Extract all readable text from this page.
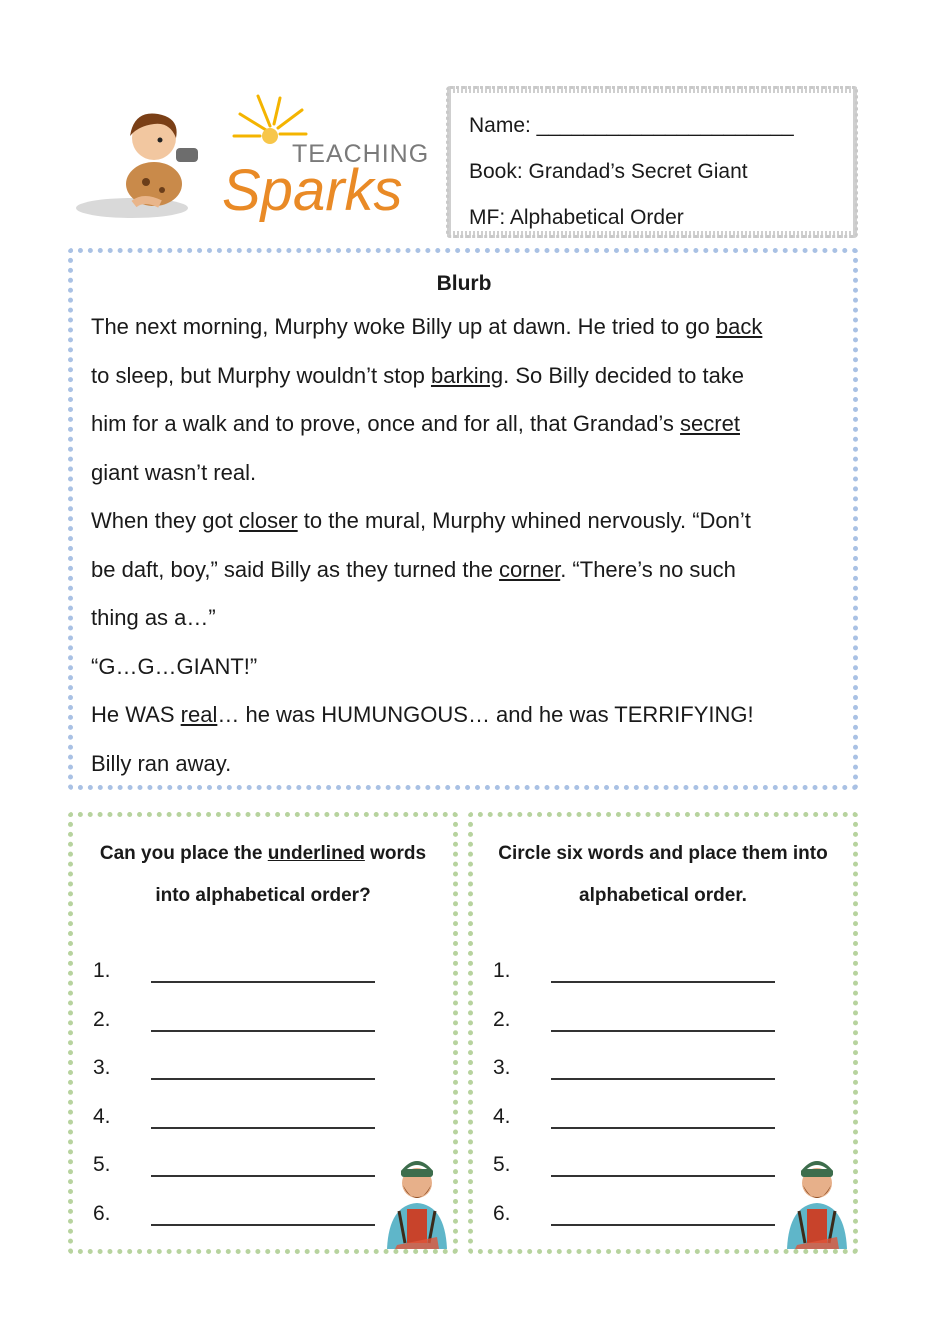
TEACHING
Sparks
Name: ______________________
Book: Grandad’s Secret Giant
MF: Alphabetical Order
Blurb
The next morning, Murphy woke Billy up at dawn. He tried to go back
to sleep, but Murphy wouldn’t stop barking. So Billy decided to take
him for a walk and to prove, once and for all, that Grandad’s secret
giant wasn’t real.
When they got closer to the mural, Murphy whined nervously. “Don’t
be daft, boy,” said Billy as they turned the corner. “There’s no such
thing as a…”
“G…G…GIANT!”
He WAS real… he was HUMUNGOUS… and he was TERRIFYING!
Billy ran away.
Can you place the underlined words
into alphabetical order?
1.
2.
3.
4.
5.
6.
Circle six words and place them into
alphabetical order.
1.
2.
3.
4.
5.
6.
